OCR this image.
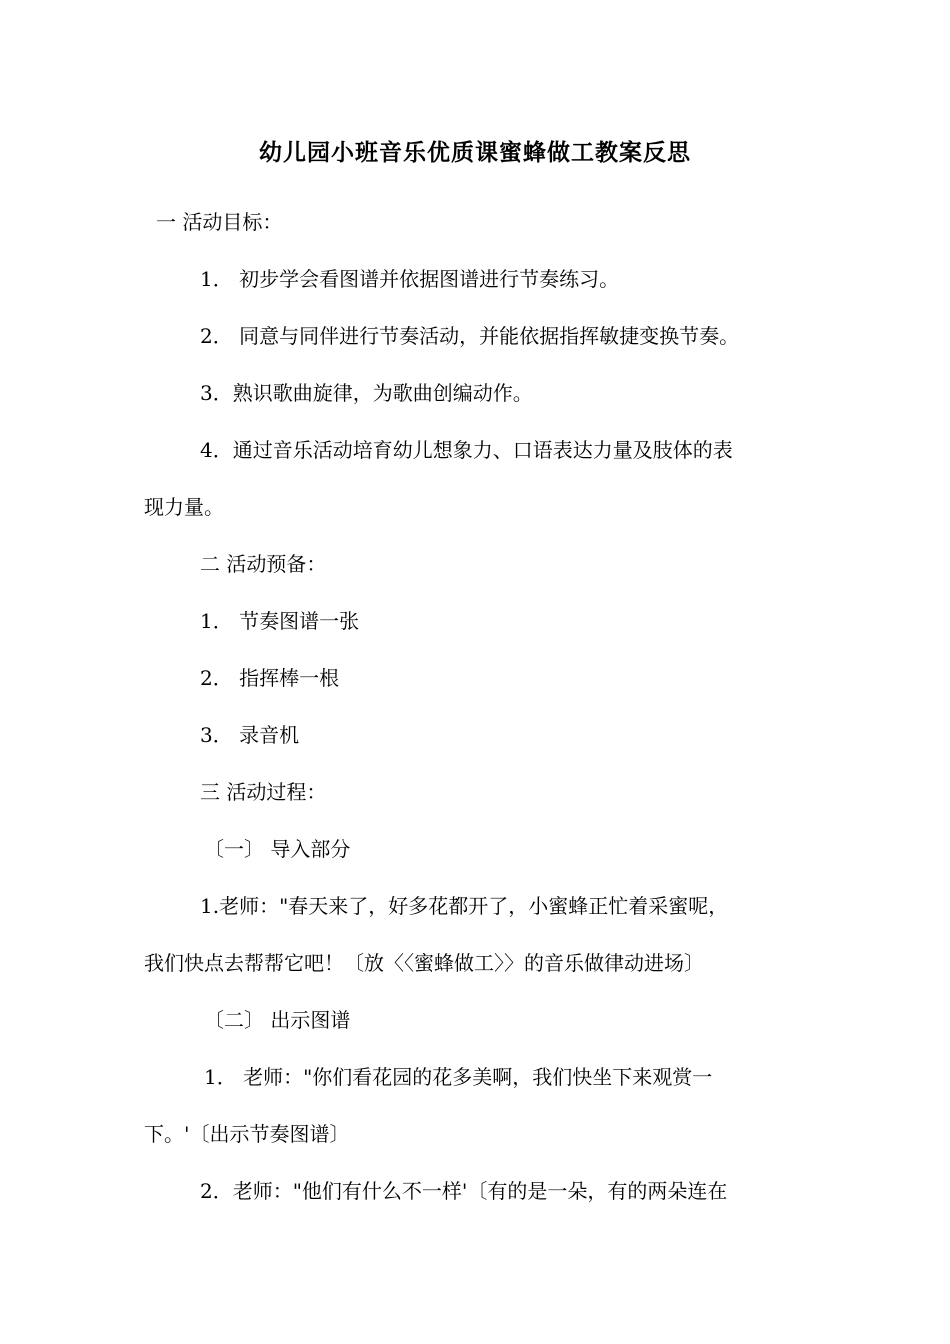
幼儿园小班音乐优质课蜜蜂做工教案反思
一 活动目标：
1． 初步学会看图谱并依据图谱进行节奏练习。
2． 同意与同伴进行节奏活动，并能依据指挥敏捷变换节奏。
3．熟识歌曲旋律，为歌曲创编动作。
4．通过音乐活动培育幼儿想象力、口语表达力量及肢体的表
现力量。
二 活动预备：
1． 节奏图谱一张
2． 指挥棒一根
3． 录音机
三 活动过程：
〔一〕 导入部分
1.老师："春天来了，好多花都开了，小蜜蜂正忙着采蜜呢，
我们快点去帮帮它吧！〔放〈〈蜜蜂做工〉〉的音乐做律动进场〕
〔二〕 出示图谱
1． 老师："你们看花园的花多美啊，我们快坐下来观赏一
下。'〔出示节奏图谱〕
2．老师："他们有什么不一样'〔有的是一朵，有的两朵连在
